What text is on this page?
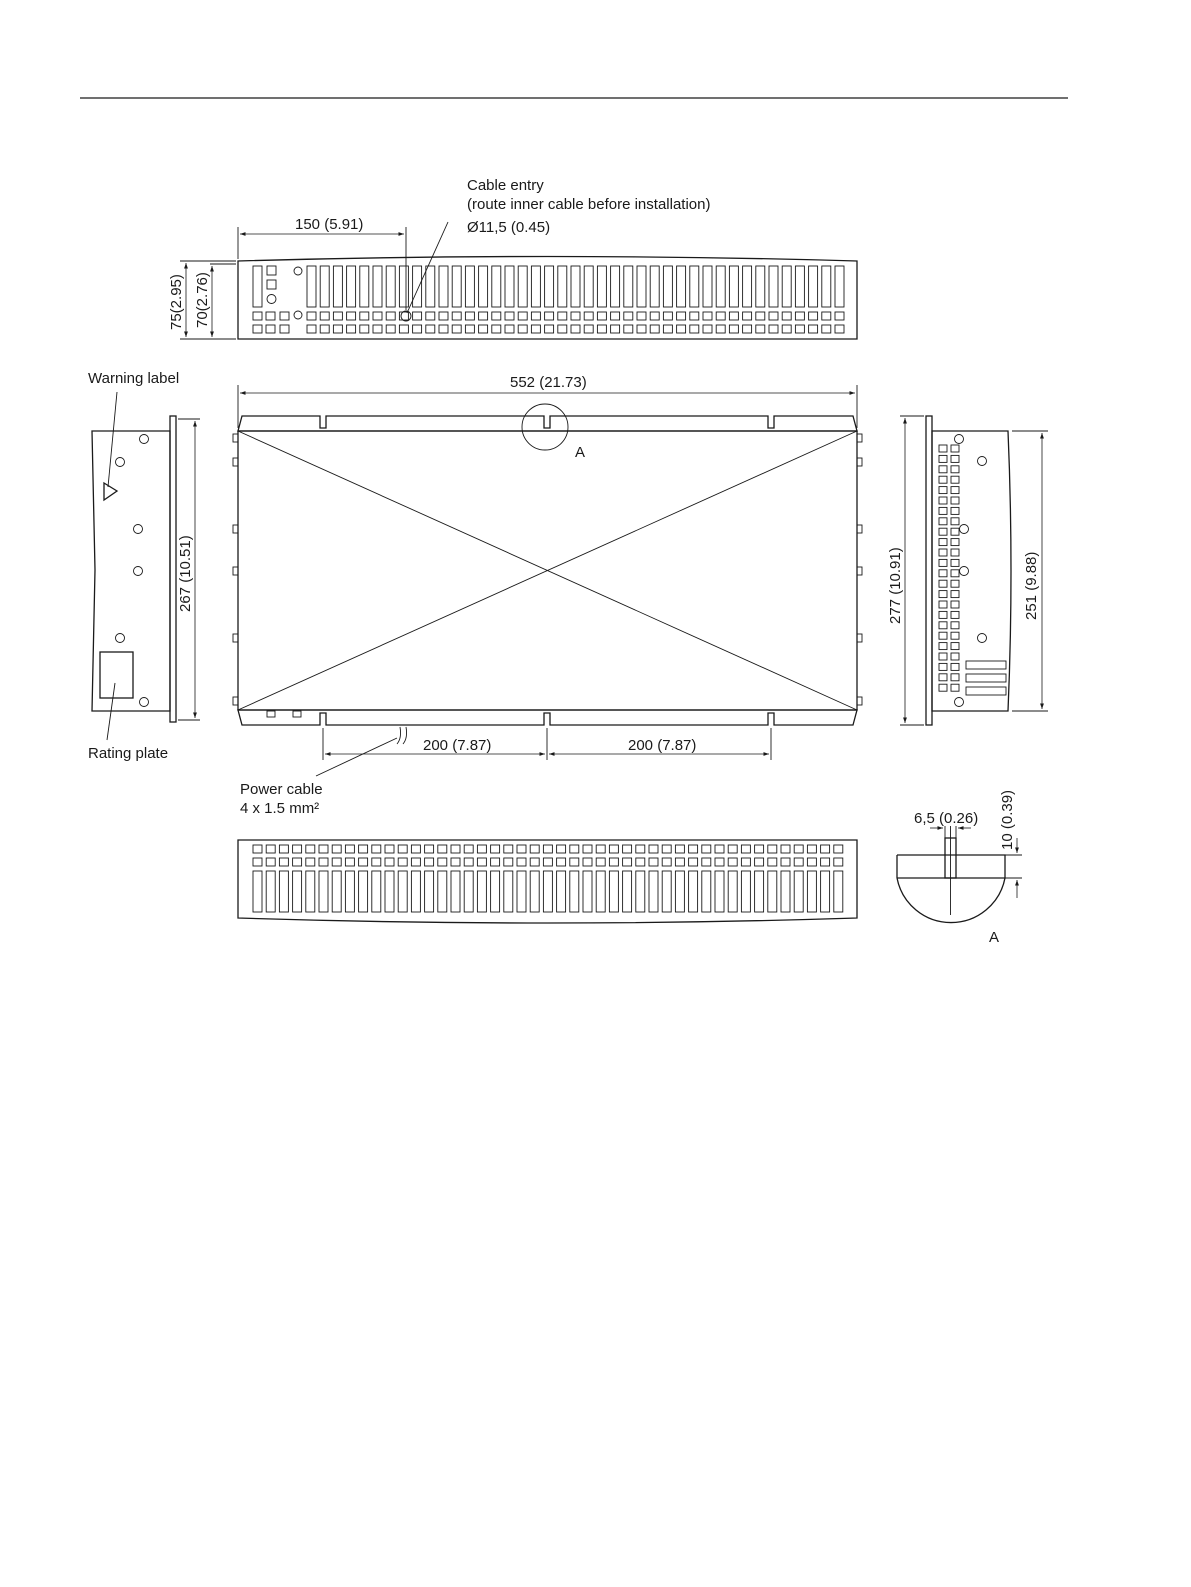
150 (5.91)
75(2.95) 70(2.76)
Cable entry
(route inner cable before installation)
Ø11,5 (0.45)
A
552 (21.73)
200 (7.87)	200 (7.87)
Power cable
4 x 1.5 mm²
Warning label
Rating plate
267 (10.51)	277 (10.91)	251 (9.88)
6,5 (0.26) 10 (0.39)
A
